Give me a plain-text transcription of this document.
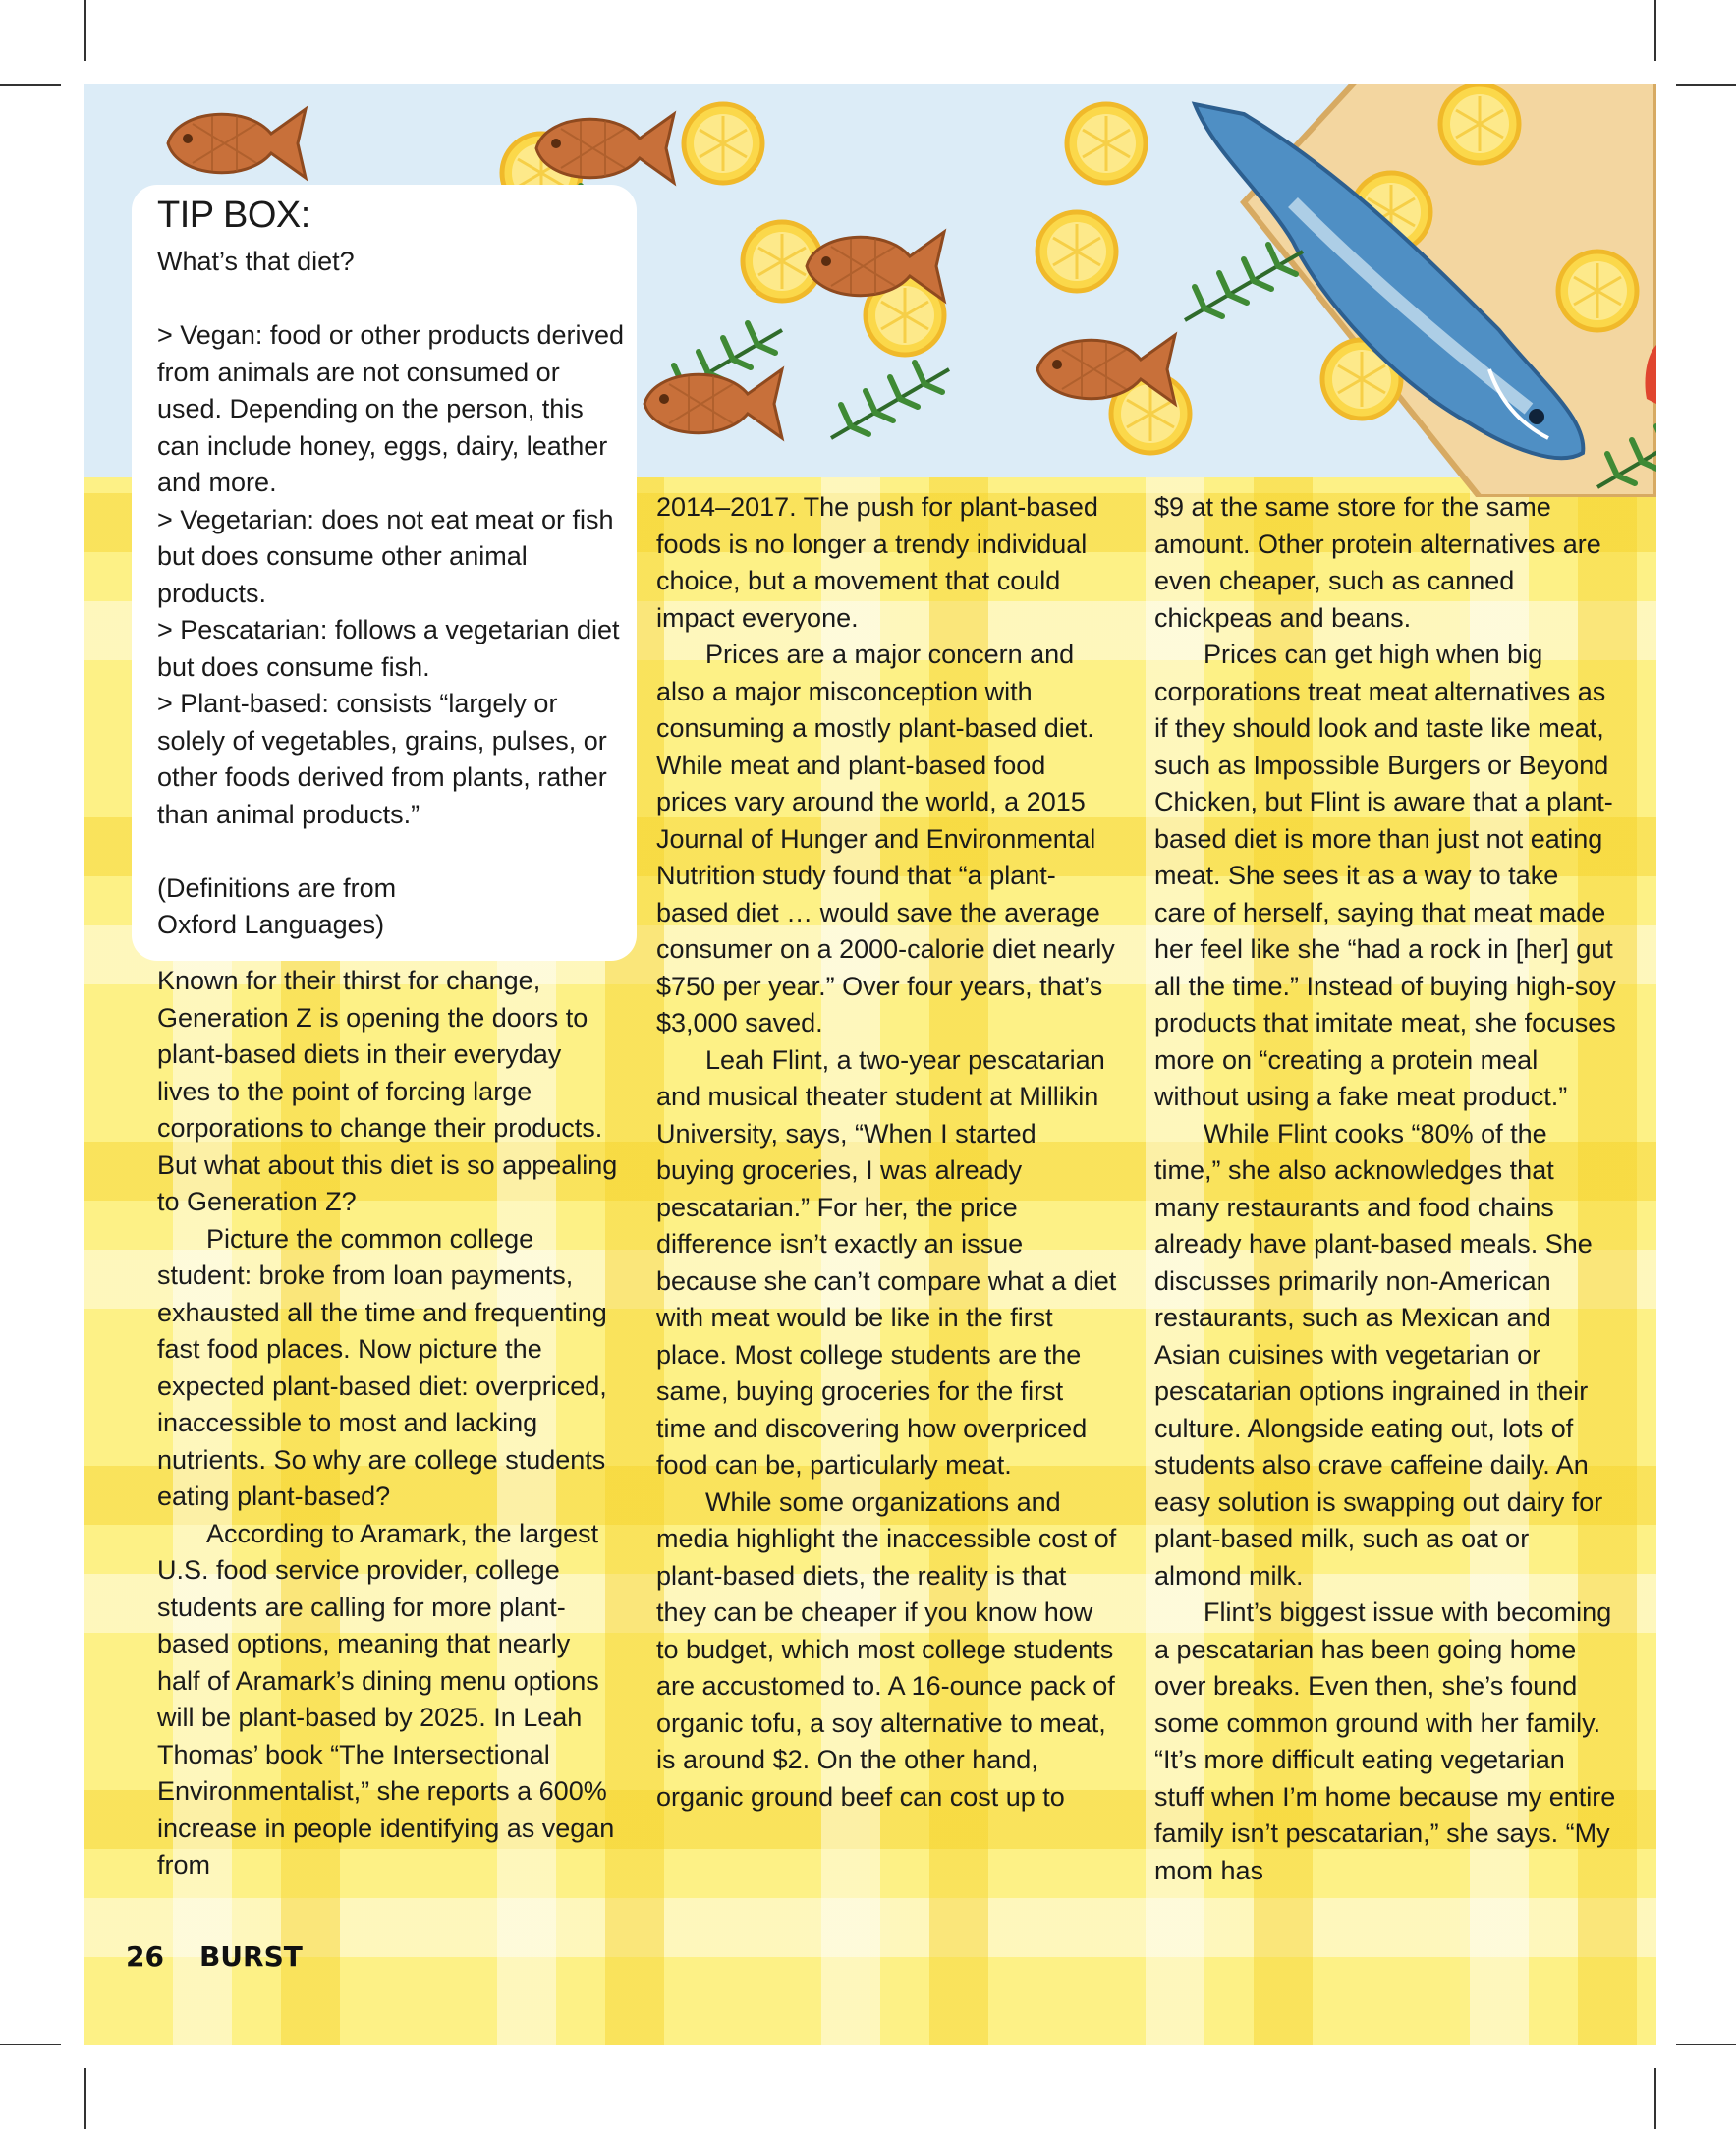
TIP BOX:
What’s that diet?
> Vegan: food or other products derived from animals are not consumed or used. Depending on the person, this can include honey, eggs, dairy, leather and more.
> Vegetarian: does not eat meat or fish but does consume other animal products.
> Pescatarian: follows a vegetarian diet but does consume fish.
> Plant-based: consists “largely or solely of vegetables, grains, pulses, or other foods derived from plants, rather than animal products.”
(Definitions are from Oxford Languages)

Known for their thirst for change, Generation Z is opening the doors to plant-based diets in their everyday lives to the point of forcing large corporations to change their products. But what about this diet is so appealing to Generation Z?

Picture the common college student: broke from loan payments, exhausted all the time and frequenting fast food places. Now picture the expected plant-based diet: overpriced, inaccessible to most and lacking nutrients. So why are college students eating plant-based?

According to Aramark, the largest U.S. food service provider, college students are calling for more plant-based options, meaning that nearly half of Aramark’s dining menu options will be plant-based by 2025. In Leah Thomas’ book “The Intersectional Environmentalist,” she reports a 600% increase in people identifying as vegan from

2014–2017. The push for plant-based foods is no longer a trendy individual choice, but a movement that could impact everyone.

Prices are a major concern and also a major misconception with consuming a mostly plant-based diet. While meat and plant-based food prices vary around the world, a 2015 Journal of Hunger and Environmental Nutrition study found that “a plant-based diet … would save the average consumer on a 2000-calorie diet nearly $750 per year.” Over four years, that’s $3,000 saved.

Leah Flint, a two-year pescatarian and musical theater student at Millikin University, says, “When I started buying groceries, I was already pescatarian.” For her, the price difference isn’t exactly an issue because she can’t compare what a diet with meat would be like in the first place. Most college students are the same, buying groceries for the first time and discovering how overpriced food can be, particularly meat.

While some organizations and media highlight the inaccessible cost of plant-based diets, the reality is that they can be cheaper if you know how to budget, which most college students are accustomed to. A 16-ounce pack of organic tofu, a soy alternative to meat, is around $2. On the other hand, organic ground beef can cost up to

$9 at the same store for the same amount. Other protein alternatives are even cheaper, such as canned chickpeas and beans.

Prices can get high when big corporations treat meat alternatives as if they should look and taste like meat, such as Impossible Burgers or Beyond Chicken, but Flint is aware that a plant-based diet is more than just not eating meat. She sees it as a way to take care of herself, saying that meat made her feel like she “had a rock in [her] gut all the time.” Instead of buying high-soy products that imitate meat, she focuses more on “creating a protein meal without using a fake meat product.”

While Flint cooks “80% of the time,” she also acknowledges that many restaurants and food chains already have plant-based meals. She discusses primarily non-American restaurants, such as Mexican and Asian cuisines with vegetarian or pescatarian options ingrained in their culture. Alongside eating out, lots of students also crave caffeine daily. An easy solution is swapping out dairy for plant-based milk, such as oat or almond milk.

Flint’s biggest issue with becoming a pescatarian has been going home over breaks. Even then, she’s found some common ground with her family. “It’s more difficult eating vegetarian stuff when I’m home because my entire family isn’t pescatarian,” she says. “My mom has

26 BURST
